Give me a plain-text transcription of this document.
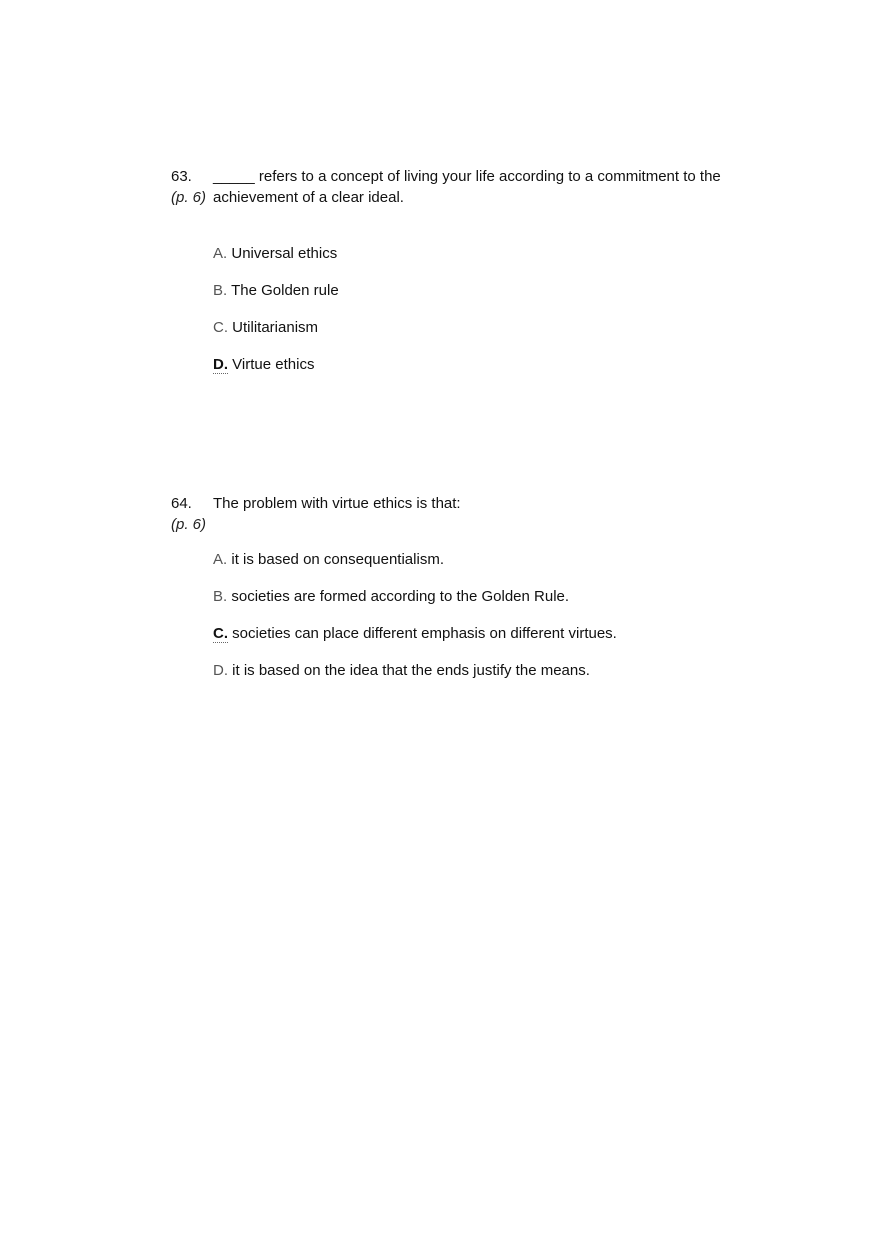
63.
(p. 6)
_____ refers to a concept of living your life according to a commitment to the achievement of a clear ideal.
A. Universal ethics
B. The Golden rule
C. Utilitarianism
D. Virtue ethics
64.
(p. 6)
The problem with virtue ethics is that:
A. it is based on consequentialism.
B. societies are formed according to the Golden Rule.
C. societies can place different emphasis on different virtues.
D. it is based on the idea that the ends justify the means.
